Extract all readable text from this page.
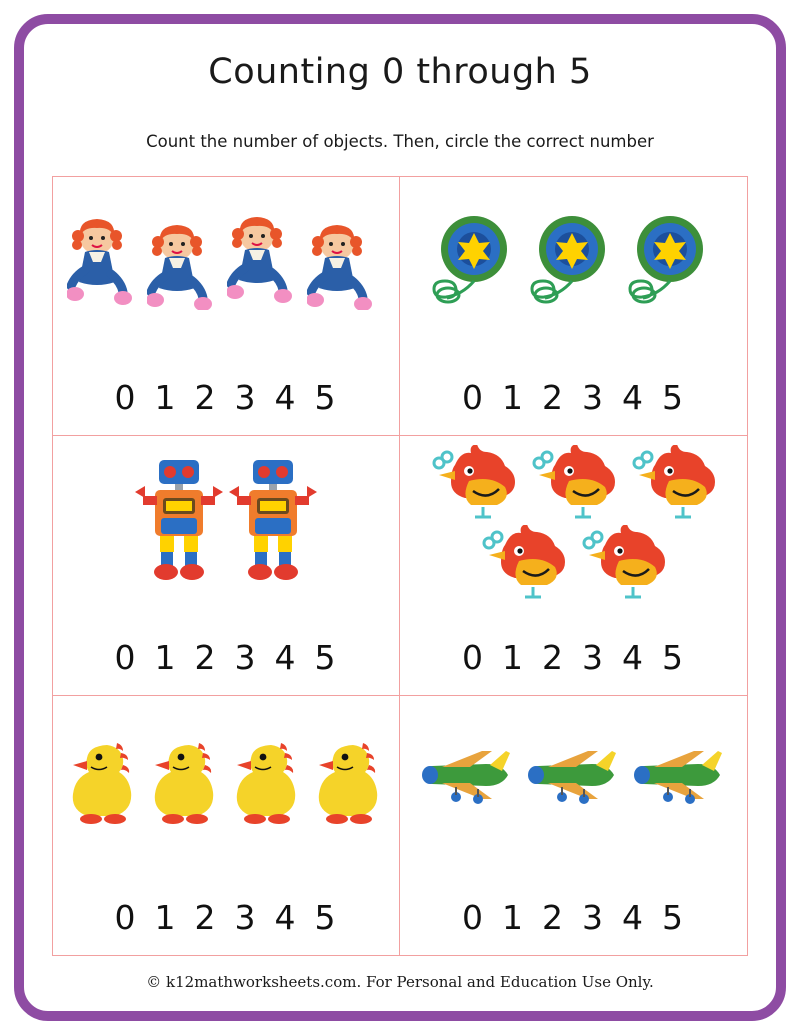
Counting 0 through 5
Count the number of objects. Then, circle the correct number
0 1 2 3 4 5	0 1 2 3 4 5
0 1 2 3 4 5	0 1 2 3 4 5
0 1 2 3 4 5	0 1 2 3 4 5
© k12mathworksheets.com. For Personal and Education Use Only.
